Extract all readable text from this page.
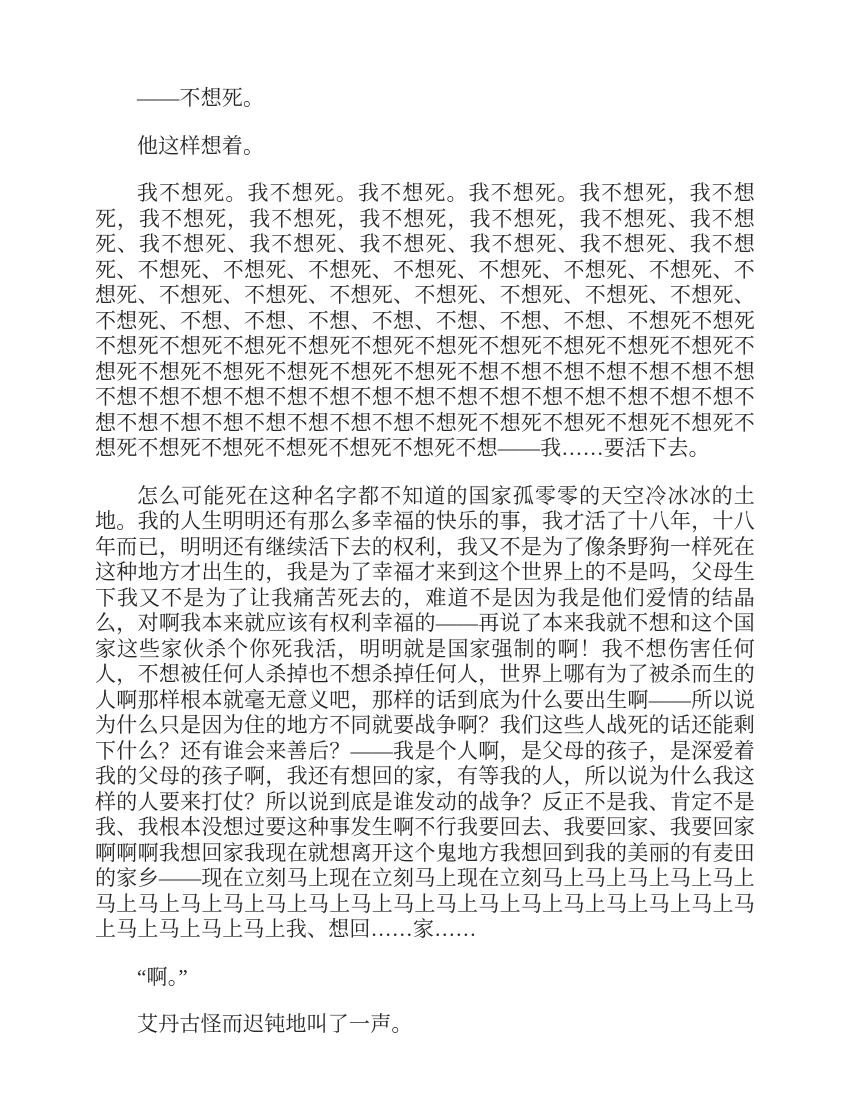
——不想死。

他这样想着。

我不想死。我不想死。我不想死。我不想死。我不想死，我不想死，我不想死，我不想死，我不想死，我不想死，我不想死、我不想死、我不想死、我不想死、我不想死、我不想死、我不想死、我不想死、不想死、不想死、不想死、不想死、不想死、不想死、不想死、不想死、不想死、不想死、不想死、不想死、不想死、不想死、不想死、不想死、不想、不想、不想、不想、不想、不想、不想、不想死不想死不想死不想死不想死不想死不想死不想死不想死不想死不想死不想死不想死不想死不想死不想死不想死不想死不想不想不想不想不想不想不想不想不想不想不想不想不想不想不想不想不想不想不想不想不想不想不想不想不想不想不想不想不想不想不想死不想死不想死不想死不想死不想死不想死不想死不想死不想死不想死不想——我……要活下去。

怎么可能死在这种名字都不知道的国家孤零零的天空冷冰冰的土地。我的人生明明还有那么多幸福的快乐的事，我才活了十八年，十八年而已，明明还有继续活下去的权利，我又不是为了像条野狗一样死在这种地方才出生的，我是为了幸福才来到这个世界上的不是吗，父母生下我又不是为了让我痛苦死去的，难道不是因为我是他们爱情的结晶么，对啊我本来就应该有权利幸福的——再说了本来我就不想和这个国家这些家伙杀个你死我活，明明就是国家强制的啊！我不想伤害任何人，不想被任何人杀掉也不想杀掉任何人，世界上哪有为了被杀而生的人啊那样根本就毫无意义吧，那样的话到底为什么要出生啊——所以说为什么只是因为住的地方不同就要战争啊？我们这些人战死的话还能剩下什么？还有谁会来善后？——我是个人啊，是父母的孩子，是深爱着我的父母的孩子啊，我还有想回的家，有等我的人，所以说为什么我这样的人要来打仗？所以说到底是谁发动的战争？反正不是我、肯定不是我、我根本没想过要这种事发生啊不行我要回去、我要回家、我要回家啊啊啊我想回家我现在就想离开这个鬼地方我想回到我的美丽的有麦田的家乡——现在立刻马上现在立刻马上现在立刻马上马上马上马上马上马上马上马上马上马上马上马上马上马上马上马上马上马上马上马上马上马上马上马上马上我、想回……家……

“啊。”

艾丹古怪而迟钝地叫了一声。
